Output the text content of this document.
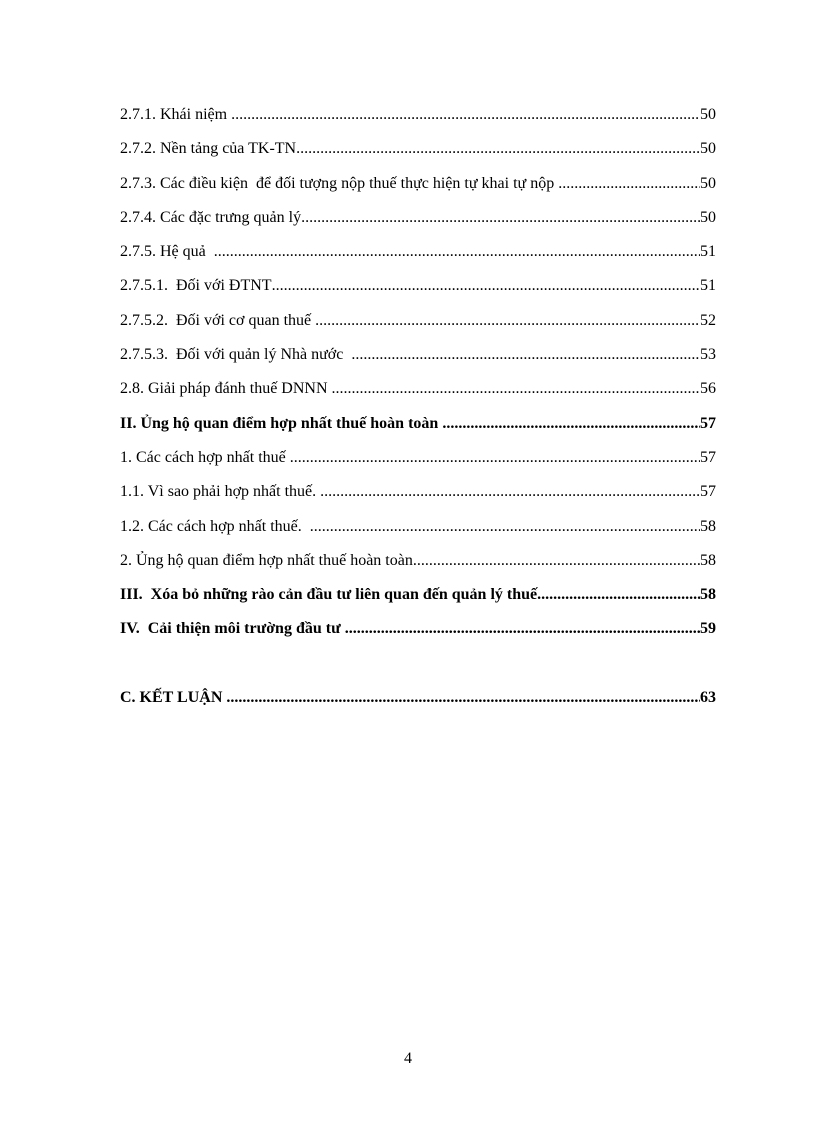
2.7.1. Khái niệm .....	50
2.7.2. Nền tảng của TK-TN .....	50
2.7.3. Các điều kiện  để đối tượng nộp thuế thực hiện tự khai tự nộp .....	50
2.7.4. Các đặc trưng quản lý .....	50
2.7.5. Hệ quả .....	51
2.7.5.1.  Đối với ĐTNT .....	51
2.7.5.2.  Đối với cơ quan thuế .....	52
2.7.5.3.  Đối với quản lý Nhà nước .....	53
2.8. Giải pháp đánh thuế DNNN .....	56
II. Ủng hộ quan điểm hợp nhất thuế hoàn toàn .....	57
1. Các cách hợp nhất thuế .....	57
1.1. Vì sao phải hợp nhất thuế. .....	57
1.2. Các cách hợp nhất thuế. .....	58
2. Ủng hộ quan điểm hợp nhất thuế hoàn toàn .....	58
III.  Xóa bỏ những rào cản đầu tư liên quan đến quản lý thuế .....	58
IV.  Cải thiện môi trường đầu tư .....	59
C. KẾT LUẬN .....	63
4
